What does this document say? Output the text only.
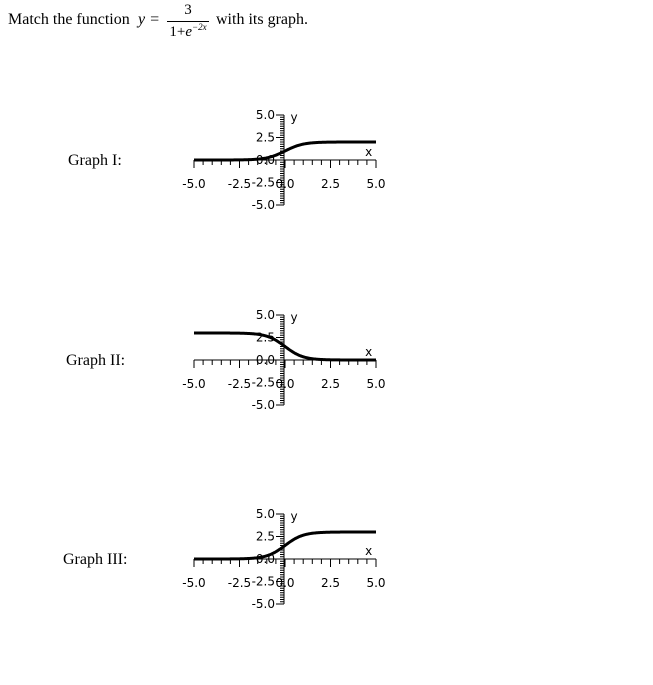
Match the function y =
3
$1+e^{-2x}$ with its graph.
Graph I:
Graph II:
Graph III:
-5.0 -2.5 0.0 2.5 5.0
5.0
2.5
0.0
-2.5
-5.0
x
y
-5.0 -2.5 0.0 2.5 5.0
5.0
2.5
0.0
-2.5
-5.0
x
y
-5.0 -2.5 0.0 2.5 5.0
5.0
2.5
0.0
-2.5
-5.0
x
y
